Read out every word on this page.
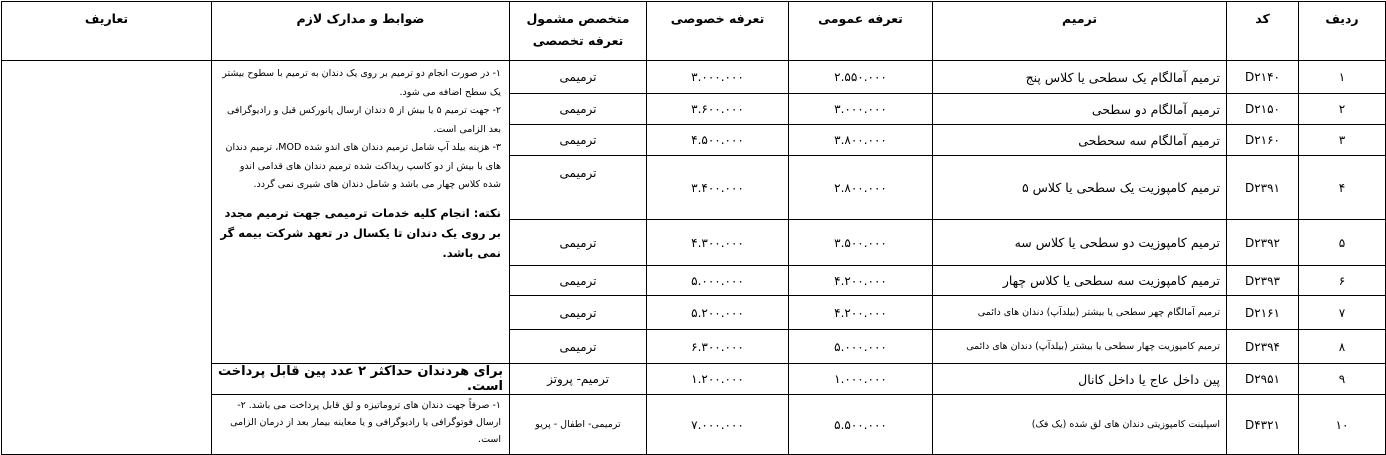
ردیف	کد	ترمیم	تعرفه عمومی	تعرفه خصوصی	متخصص مشمول تعرفه تخصصی	ضوابط و مدارک لازم	تعاریف
۱	D۲۱۴۰	ترمیم آمالگام یک سطحی یا کلاس پنج	۲.۵۵۰.۰۰۰	۳.۰۰۰.۰۰۰	ترمیمی	۱- در صورت انجام دو ترمیم بر روی یک دندان به ترمیم با سطوح بیشتر یک سطح اضافه می شود.
۲- جهت ترمیم ۵ یا بیش از ۵ دندان ارسال پانورکس قبل و رادیوگرافی بعد الزامی است.
۳- هزینه بیلد آپ شامل ترمیم دندان های اندو شده MOD، ترمیم دندان های با بیش از دو کاسپ ریداکت شده ترمیم دندان های قدامی اندو شده کلاس چهار می باشد و شامل دندان های شیری نمی گردد.
نکته: انجام کلیه خدمات ترمیمی جهت ترمیم مجدد بر روی یک دندان تا یکسال در تعهد شرکت بیمه گر نمی باشد.	

۲	D۲۱۵۰	ترمیم آمالگام دو سطحی	۳.۰۰۰.۰۰۰	۳.۶۰۰.۰۰۰	ترمیمی		
۳	D۲۱۶۰	ترمیم آمالگام سه سحطحی	۳.۸۰۰.۰۰۰	۴.۵۰۰.۰۰۰	ترمیمی		
۴	D۲۳۹۱	ترمیم کامپوزیت یک سطحی یا کلاس ۵	۲.۸۰۰.۰۰۰	۳.۴۰۰.۰۰۰	ترمیمی		
۵	D۲۳۹۲	ترمیم کامپوزیت دو سطحی یا کلاس سه	۳.۵۰۰.۰۰۰	۴.۳۰۰.۰۰۰	ترمیمی		
۶	D۲۳۹۳	ترمیم کامپوزیت سه سطحی یا کلاس چهار	۴.۲۰۰.۰۰۰	۵.۰۰۰.۰۰۰	ترمیمی		
۷	D۲۱۶۱	ترمیم آمالگام چهر سطحی یا بیشتر (بیلدآپ) دندان های دائمی	۴.۲۰۰.۰۰۰	۵.۲۰۰.۰۰۰	ترمیمی		
۸	D۲۳۹۴	ترمیم کامپوزیت چهار سطحی یا بیشتر (بیلدآپ) دندان های دائمی	۵.۰۰۰.۰۰۰	۶.۳۰۰.۰۰۰	ترمیمی		
۹	D۲۹۵۱	پین داخل عاج یا داخل کانال	۱.۰۰۰.۰۰۰	۱.۲۰۰.۰۰۰	ترمیم- پروتز	برای هردندان حداکثر ۲ عدد پین قابل پرداخت است.	
۱۰	D۴۳۲۱	اسپلینت کامپوزیتی دندان های لق شده (یک فک)	۵.۵۰۰.۰۰۰	۷.۰۰۰.۰۰۰	ترمیمی- اطفال - پریو	۱- صرفاً جهت دندان های تروماتیزه و لق قابل پرداخت می باشد. ۲- ارسال فوتوگرافی یا رادیوگرافی و یا معاینه بیمار بعد از درمان الزامی است.	
